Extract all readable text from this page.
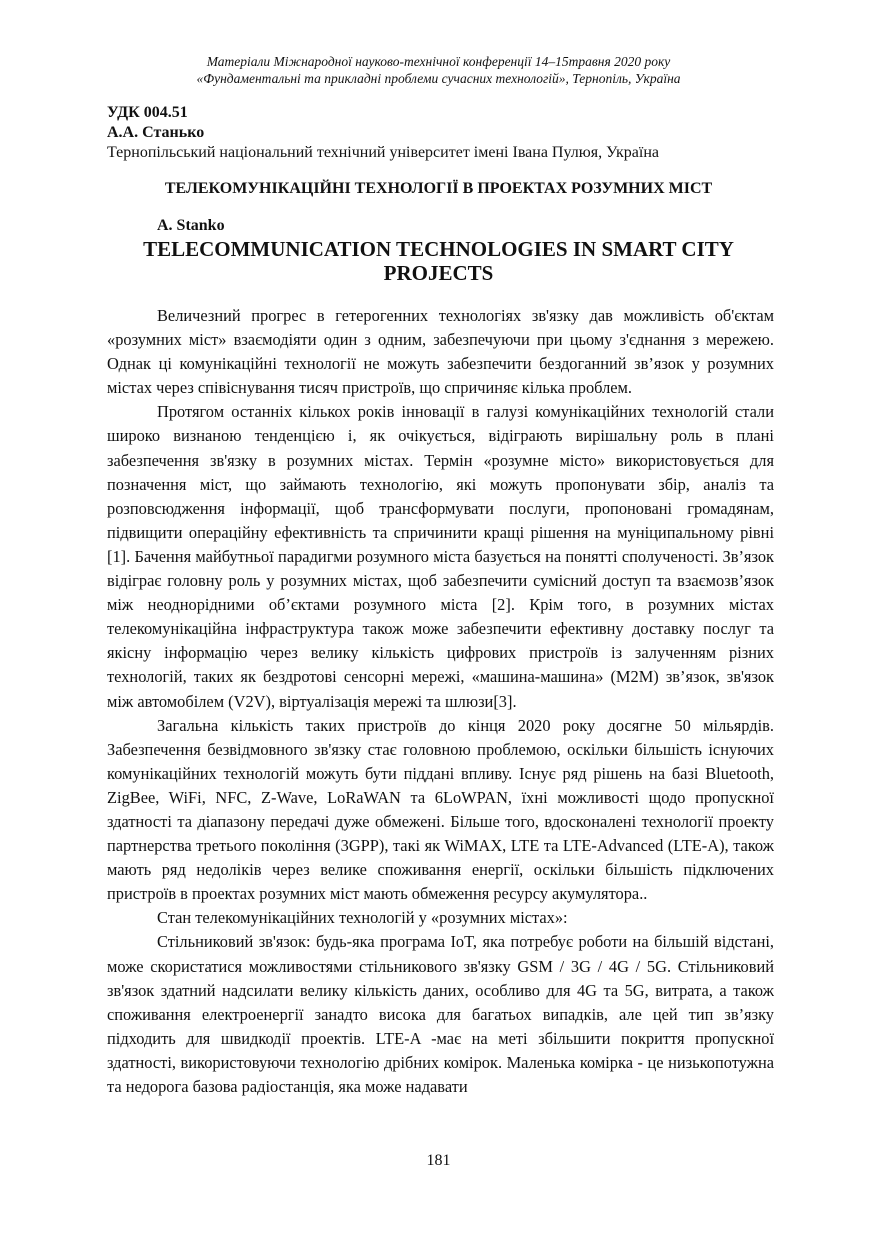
Матеріали Міжнародної науково-технічної конференції 14–15травня 2020 року
«Фундаментальні та прикладні проблеми сучасних технологій», Тернопіль, Україна
УДК 004.51
А.А. Станько
Тернопільський національний технічний університет імені Івана Пулюя, Україна
ТЕЛЕКОМУНІКАЦІЙНІ ТЕХНОЛОГІЇ В ПРОЕКТАХ РОЗУМНИХ МІСТ
A. Stanko
TELECOMMUNICATION TECHNOLOGIES IN SMART CITY
PROJECTS

Величезний прогрес в гетерогенних технологіях зв'язку дав можливість об'єктам «розумних міст» взаємодіяти один з одним, забезпечуючи при цьому з'єднання з мережею. Однак ці комунікаційні технології не можуть забезпечити бездоганний зв’язок у розумних містах через співіснування тисяч пристроїв, що спричиняє кілька проблем.

Протягом останніх кількох років інновації в галузі комунікаційних технологій стали широко визнаною тенденцією і, як очікується, відіграють вирішальну роль в плані забезпечення зв'язку в розумних містах. Термін «розумне місто» використовується для позначення міст, що займають технологію, які можуть пропонувати збір, аналіз та розповсюдження інформації, щоб трансформувати послуги, пропоновані громадянам, підвищити операційну ефективність та спричинити кращі рішення на муніципальному рівні [1]. Бачення майбутньої парадигми розумного міста базується на понятті сполученості. Зв’язок відіграє головну роль у розумних містах, щоб забезпечити сумісний доступ та взаємозв’язок між неоднорідними об’єктами розумного міста [2]. Крім того, в розумних містах телекомунікаційна інфраструктура також може забезпечити ефективну доставку послуг та якісну інформацію через велику кількість цифрових пристроїв із залученням різних технологій, таких як бездротові сенсорні мережі, «машина-машина» (M2M) зв’язок, зв'язок між автомобілем (V2V), віртуалізація мережі та шлюзи[3].

Загальна кількість таких пристроїв до кінця 2020 року досягне 50 мільярдів. Забезпечення безвідмовного зв'язку стає головною проблемою, оскільки більшість існуючих комунікаційних технологій можуть бути піддані впливу. Існує ряд рішень на базі Bluetooth, ZigBee, WiFi, NFC, Z-Wave, LoRaWAN та 6LoWPAN, їхні можливості щодо пропускної здатності та діапазону передачі дуже обмежені. Більше того, вдосконалені технології проекту партнерства третього покоління (3GPP), такі як WiMAX, LTE та LTE-Advanced (LTE-A), також мають ряд недоліків через велике споживання енергії, оскільки більшість підключених пристроїв в проектах розумних міст мають обмеження ресурсу акумулятора..

Стан телекомунікаційних технологій у «розумних містах»:

Стільниковий зв'язок: будь-яка програма IoT, яка потребує роботи на більшій відстані, може скористатися можливостями стільникового зв'язку GSM / 3G / 4G / 5G. Стільниковий зв'язок здатний надсилати велику кількість даних, особливо для 4G та 5G, витрата, а також споживання електроенергії занадто висока для багатьох випадків, але цей тип зв’язку підходить для швидкодії проектів. LTE-A -має на меті збільшити покриття пропускної здатності, використовуючи технологію дрібних комірок. Маленька комірка - це низькопотужна та недорога базова радіостанція, яка може надавати

181
